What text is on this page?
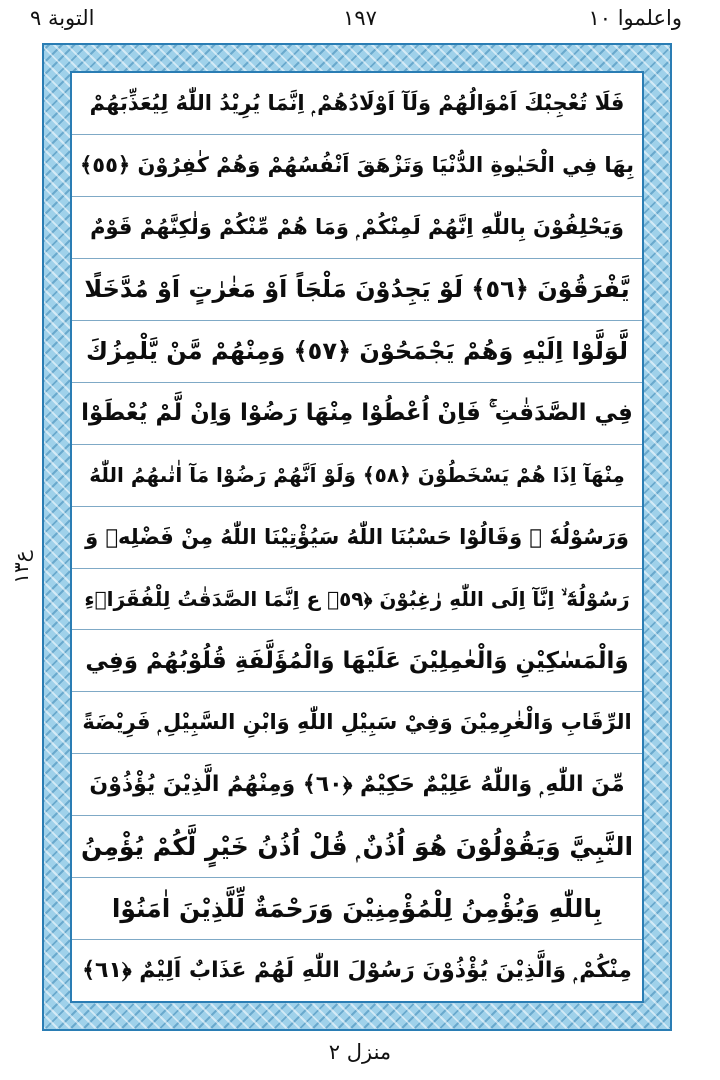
التوبة ٩	١٩٧	واعلموا ١٠
ع١٣
فَلَا تُعْجِبْكَ اَمْوَالُهُمْ وَلَآ اَوْلَادُهُمْ ۭ اِنَّمَا يُرِيْدُ اللّٰهُ لِيُعَذِّبَهُمْ
بِهَا فِي الْحَيٰوةِ الدُّنْيَا وَتَزْهَقَ اَنْفُسُهُمْ وَهُمْ كٰفِرُوْنَ ﴿٥٥﴾
وَيَحْلِفُوْنَ بِاللّٰهِ اِنَّهُمْ لَمِنْكُمْ ۭ وَمَا هُمْ مِّنْكُمْ وَلٰكِنَّهُمْ قَوْمٌ
يَّفْرَقُوْنَ ﴿٥٦﴾ لَوْ يَجِدُوْنَ مَلْجَاً اَوْ مَغٰرٰتٍ اَوْ مُدَّخَلًا
لَّوَلَّوْا اِلَيْهِ وَهُمْ يَجْمَحُوْنَ ﴿٥٧﴾ وَمِنْهُمْ مَّنْ يَّلْمِزُكَ
فِي الصَّدَقٰتِ ۚ فَاِنْ اُعْطُوْا مِنْهَا رَضُوْا وَاِنْ لَّمْ يُعْطَوْا
مِنْهَآ اِذَا هُمْ يَسْخَطُوْنَ ﴿٥٨﴾ وَلَوْ اَنَّهُمْ رَضُوْا مَآ اٰتٰىهُمُ اللّٰهُ
وَرَسُوْلُهٗ ۙ وَقَالُوْا حَسْبُنَا اللّٰهُ سَيُؤْتِيْنَا اللّٰهُ مِنْ فَضْلِهٖ وَ
رَسُوْلُهٗٓ ۙ اِنَّآ اِلَى اللّٰهِ رٰغِبُوْنَ ﴿٥٩﴾ ع اِنَّمَا الصَّدَقٰتُ لِلْفُقَرَاۗءِ
وَالْمَسٰكِيْنِ وَالْعٰمِلِيْنَ عَلَيْهَا وَالْمُؤَلَّفَةِ قُلُوْبُهُمْ وَفِي
الرِّقَابِ وَالْغٰرِمِيْنَ وَفِيْ سَبِيْلِ اللّٰهِ وَابْنِ السَّبِيْلِ ۭ فَرِيْضَةً
مِّنَ اللّٰهِ ۭ وَاللّٰهُ عَلِيْمٌ حَكِيْمٌ ﴿٦٠﴾ وَمِنْهُمُ الَّذِيْنَ يُؤْذُوْنَ
النَّبِيَّ وَيَقُوْلُوْنَ هُوَ اُذُنٌ ۭ قُلْ اُذُنُ خَيْرٍ لَّكُمْ يُؤْمِنُ
بِاللّٰهِ وَيُؤْمِنُ لِلْمُؤْمِنِيْنَ وَرَحْمَةٌ لِّلَّذِيْنَ اٰمَنُوْا
مِنْكُمْ ۭ وَالَّذِيْنَ يُؤْذُوْنَ رَسُوْلَ اللّٰهِ لَهُمْ عَذَابٌ اَلِيْمٌ ﴿٦١﴾
منزل ٢
